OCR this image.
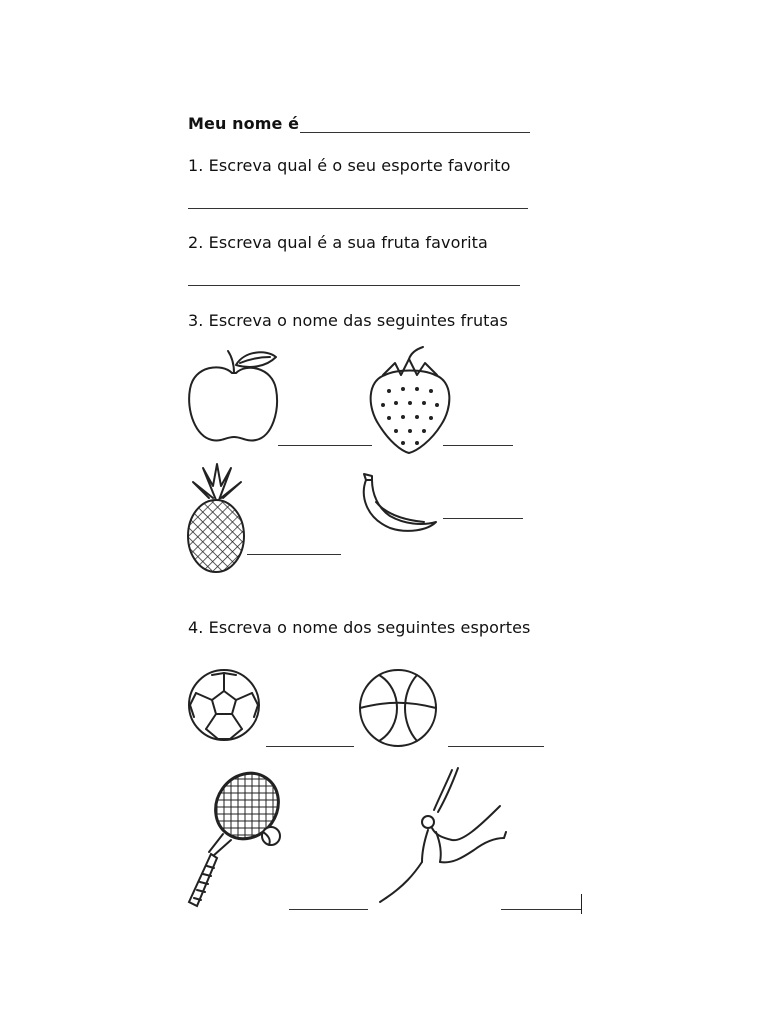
Meu nome é
1. Escreva qual é o seu esporte favorito
2. Escreva qual é a sua fruta favorita
3. Escreva o nome das seguintes frutas
4. Escreva o nome dos seguintes esportes
